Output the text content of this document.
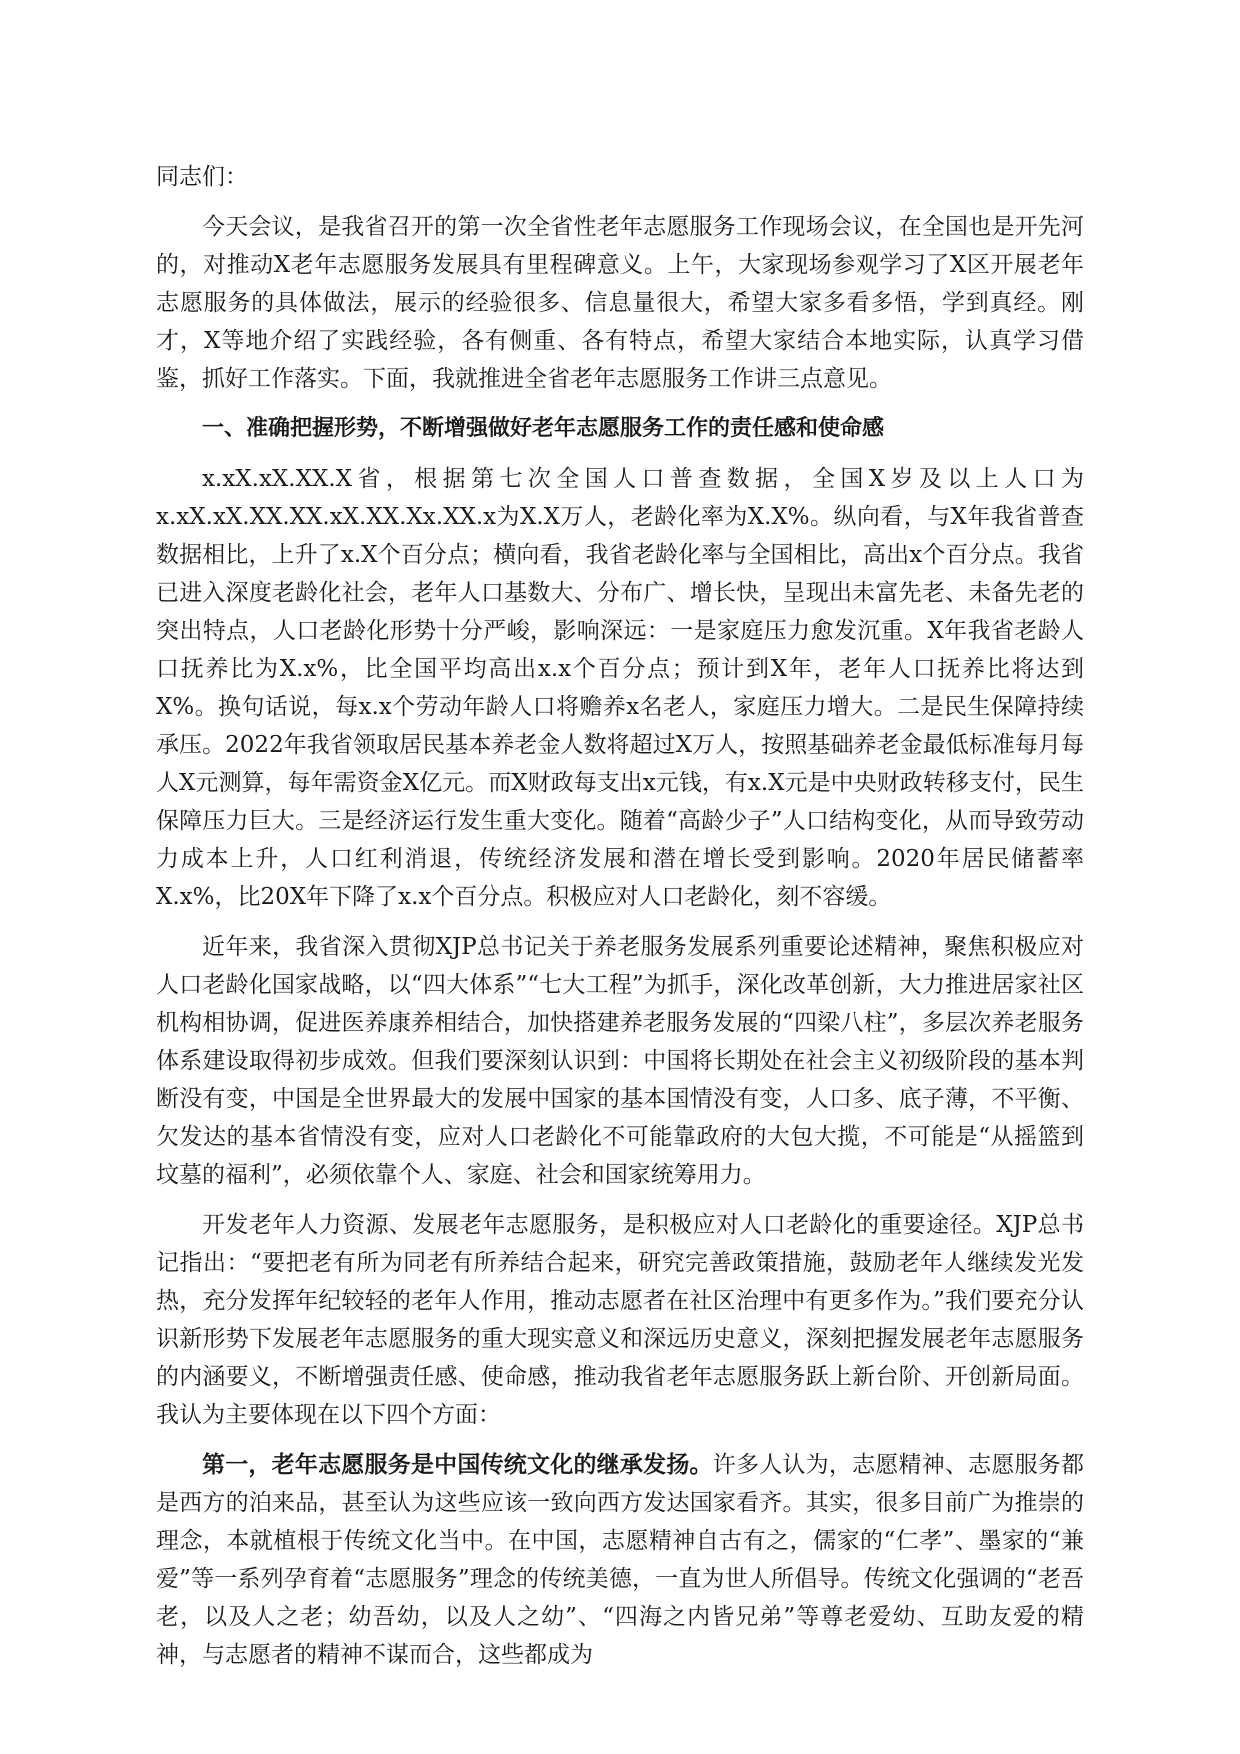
同志们：

今天会议，是我省召开的第一次全省性老年志愿服务工作现场会议，在全国也是开先河的，对推动X老年志愿服务发展具有里程碑意义。上午，大家现场参观学习了X区开展老年志愿服务的具体做法，展示的经验很多、信息量很大，希望大家多看多悟，学到真经。刚才，X等地介绍了实践经验，各有侧重、各有特点，希望大家结合本地实际，认真学习借鉴，抓好工作落实。下面，我就推进全省老年志愿服务工作讲三点意见。

一、准确把握形势，不断增强做好老年志愿服务工作的责任感和使命感

x.xX.xX.XX.X省，根据第七次全国人口普查数据，全国X岁及以上人口为x.xX.xX.XX.XX.xX.XX.Xx.XX.x为X.X万人，老龄化率为X.X%。纵向看，与X年我省普查数据相比，上升了x.X个百分点；横向看，我省老龄化率与全国相比，高出x个百分点。我省已进入深度老龄化社会，老年人口基数大、分布广、增长快，呈现出未富先老、未备先老的突出特点，人口老龄化形势十分严峻，影响深远：一是家庭压力愈发沉重。X年我省老龄人口抚养比为X.x%，比全国平均高出x.x个百分点；预计到X年，老年人口抚养比将达到X%。换句话说，每x.x个劳动年龄人口将赡养x名老人，家庭压力增大。二是民生保障持续承压。2022年我省领取居民基本养老金人数将超过X万人，按照基础养老金最低标准每月每人X元测算，每年需资金X亿元。而X财政每支出x元钱，有x.X元是中央财政转移支付，民生保障压力巨大。三是经济运行发生重大变化。随着“高龄少子”人口结构变化，从而导致劳动力成本上升，人口红利消退，传统经济发展和潜在增长受到影响。2020年居民储蓄率X.x%，比20X年下降了x.x个百分点。积极应对人口老龄化，刻不容缓。

近年来，我省深入贯彻XJP总书记关于养老服务发展系列重要论述精神，聚焦积极应对人口老龄化国家战略，以“四大体系”“七大工程”为抓手，深化改革创新，大力推进居家社区机构相协调，促进医养康养相结合，加快搭建养老服务发展的“四梁八柱”，多层次养老服务体系建设取得初步成效。但我们要深刻认识到：中国将长期处在社会主义初级阶段的基本判断没有变，中国是全世界最大的发展中国家的基本国情没有变，人口多、底子薄，不平衡、欠发达的基本省情没有变，应对人口老龄化不可能靠政府的大包大揽，不可能是“从摇篮到坟墓的福利”，必须依靠个人、家庭、社会和国家统筹用力。

开发老年人力资源、发展老年志愿服务，是积极应对人口老龄化的重要途径。XJP总书记指出：“要把老有所为同老有所养结合起来，研究完善政策措施，鼓励老年人继续发光发热，充分发挥年纪较轻的老年人作用，推动志愿者在社区治理中有更多作为。”我们要充分认识新形势下发展老年志愿服务的重大现实意义和深远历史意义，深刻把握发展老年志愿服务的内涵要义，不断增强责任感、使命感，推动我省老年志愿服务跃上新台阶、开创新局面。我认为主要体现在以下四个方面：

第一，老年志愿服务是中国传统文化的继承发扬。许多人认为，志愿精神、志愿服务都是西方的泊来品，甚至认为这些应该一致向西方发达国家看齐。其实，很多目前广为推崇的理念，本就植根于传统文化当中。在中国，志愿精神自古有之，儒家的“仁孝”、墨家的“兼爱”等一系列孕育着“志愿服务”理念的传统美德，一直为世人所倡导。传统文化强调的“老吾老，以及人之老；幼吾幼，以及人之幼”、“四海之内皆兄弟”等尊老爱幼、互助友爱的精神，与志愿者的精神不谋而合，这些都成为
